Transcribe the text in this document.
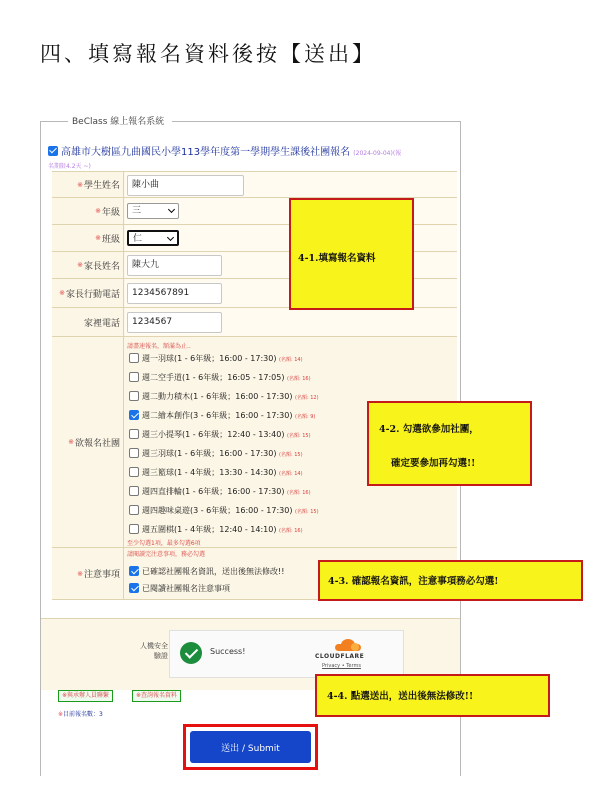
四、填寫報名資料後按【送出】
BeClass 線上報名系統
高雄市大樹區九曲國民小學113學年度第一學期學生課後社團報名 (2024-09-04)(報
名期限4.2天 ~)
※ 學生姓名	陳小曲
※ 年級	三
※ 班級	仁
※ 家長姓名	陳大九
※ 家長行動電話	1234567891
家裡電話	1234567
※ 欲報名社團
請盡速報名，額滿為止..
週一羽球(1 - 6年級；16:00 - 17:30) (名額: 14)
週二空手道(1 - 6年級；16:05 - 17:05) (名額: 16)
週二動力積木(1 - 6年級；16:00 - 17:30) (名額: 12)
週二繪本創作(3 - 6年級；16:00 - 17:30) (名額: 9)
週三小提琴(1 - 6年級；12:40 - 13:40) (名額: 15)
週三羽球(1 - 6年級；16:00 - 17:30) (名額: 15)
週三籃球(1 - 4年級；13:30 - 14:30) (名額: 14)
週四直排輪(1 - 6年級；16:00 - 17:30) (名額: 16)
週四趣味桌遊(3 - 6年級；16:00 - 17:30) (名額: 15)
週五圍棋(1 - 4年級；12:40 - 14:10) (名額: 16)
至少勾選1項，最多勾選6項
※ 注意事項
請閱讀完注意事項，務必勾選
已確認社團報名資訊，送出後無法修改!!
已閱讀社團報名注意事項
人機安全驗證	Success!
CLOUDFLARE
Privacy • Terms
※與承辦人員聯繫	※查詢報名資料
※目前報名數：3
送出 / Submit
4-1.填寫報名資料
4-2. 勾選欲參加社團，
確定要參加再勾選!!
4-3. 確認報名資訊，注意事項務必勾選!
4-4. 點選送出，送出後無法修改!!
